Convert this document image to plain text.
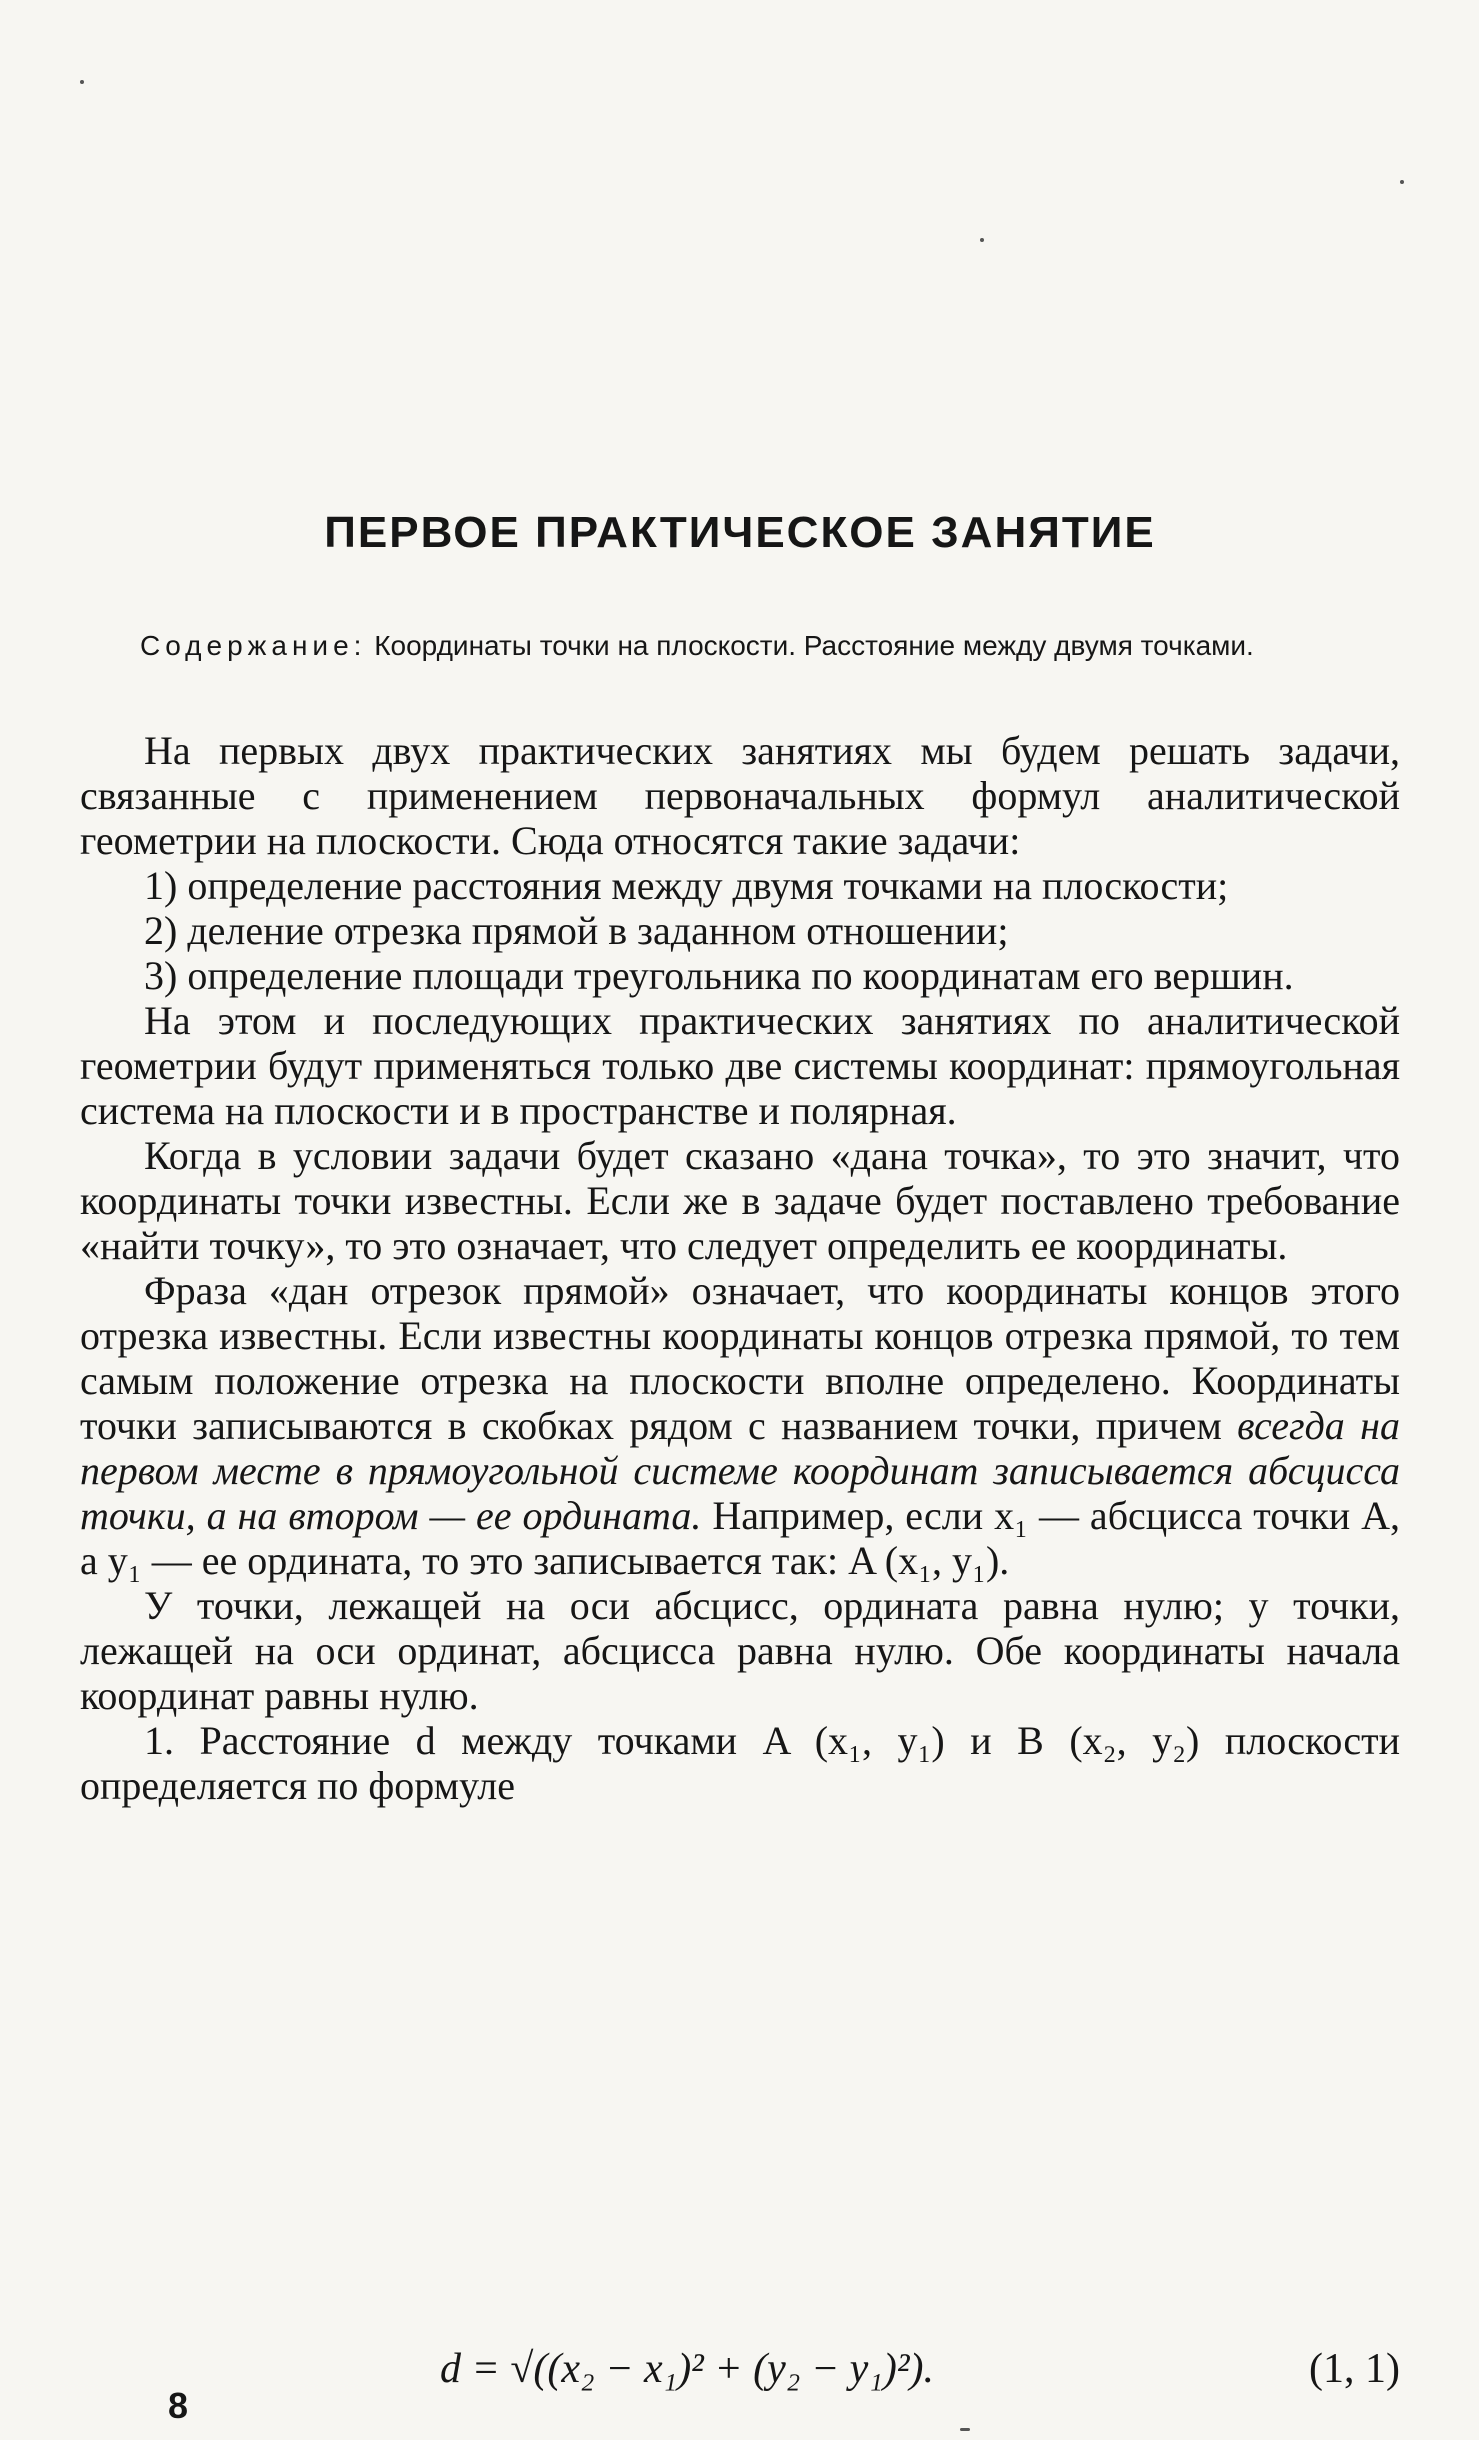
ПЕРВОЕ ПРАКТИЧЕСКОЕ ЗАНЯТИЕ
Содержание: Координаты точки на плоскости. Расстояние между двумя точками.

На первых двух практических занятиях мы будем решать задачи, связанные с применением первоначальных формул аналитической геометрии на плоскости. Сюда относятся такие задачи:

1) определение расстояния между двумя точками на плоскости;

2) деление отрезка прямой в заданном отношении;

3) определение площади треугольника по координатам его вершин.

На этом и последующих практических занятиях по аналитической геометрии будут применяться только две системы координат: прямоугольная система на плоскости и в пространстве и полярная.

Когда в условии задачи будет сказано «дана точка», то это значит, что координаты точки известны. Если же в задаче будет поставлено требование «найти точку», то это означает, что следует определить ее координаты.

Фраза «дан отрезок прямой» означает, что координаты концов этого отрезка известны. Если известны координаты концов отрезка прямой, то тем самым положение отрезка на плоскости вполне определено. Координаты точки записываются в скобках рядом с названием точки, причем всегда на первом месте в прямоугольной системе координат записывается абсцисса точки, а на втором — ее ордината. Например, если x₁ — абсцисса точки A, а y₁ — ее ордината, то это записывается так: A (x₁, y₁).

У точки, лежащей на оси абсцисс, ордината равна нулю; у точки, лежащей на оси ординат, абсцисса равна нулю. Обе координаты начала координат равны нулю.

1. Расстояние d между точками A (x₁, y₁) и B (x₂, y₂) плоскости определяется по формуле

d = √((x₂ − x₁)² + (y₂ − y₁)²).	(1, 1)
8
